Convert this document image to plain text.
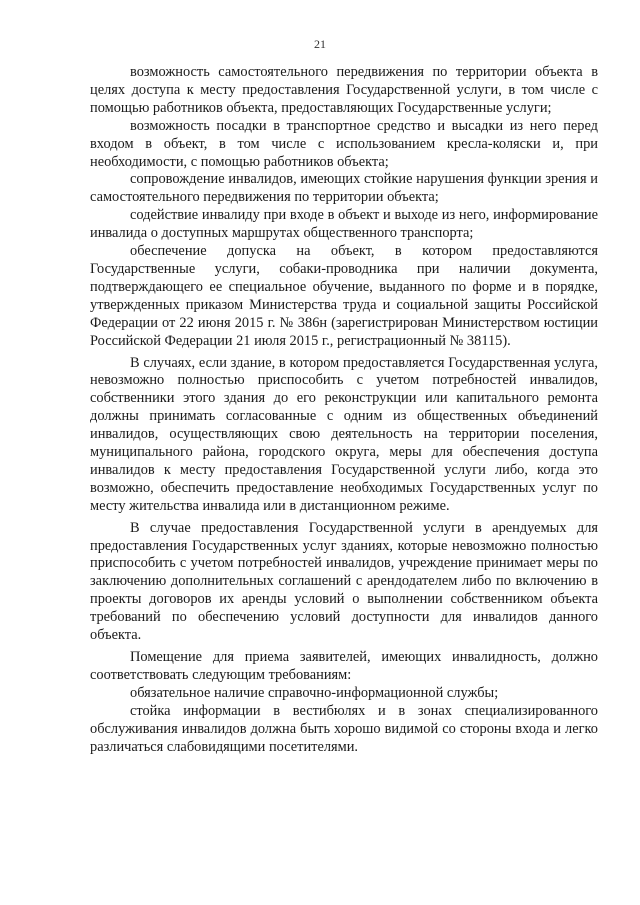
21

возможность самостоятельного передвижения по территории объекта в целях доступа к месту предоставления Государственной услуги, в том числе с помощью работников объекта, предоставляющих Государственные услуги;

возможность посадки в транспортное средство и высадки из него перед входом в объект, в том числе с использованием кресла-коляски и, при необходимости, с помощью работников объекта;

сопровождение инвалидов, имеющих стойкие нарушения функции зрения и самостоятельного передвижения по территории объекта;

содействие инвалиду при входе в объект и выходе из него, информирование инвалида о доступных маршрутах общественного транспорта;

обеспечение допуска на объект, в котором предоставляются Государственные услуги, собаки-проводника при наличии документа, подтверждающего ее специальное обучение, выданного по форме и в порядке, утвержденных приказом Министерства труда и социальной защиты Российской Федерации от 22 июня 2015 г. № 386н (зарегистрирован Министерством юстиции Российской Федерации 21 июля 2015 г., регистрационный № 38115).

В случаях, если здание, в котором предоставляется Государственная услуга, невозможно полностью приспособить с учетом потребностей инвалидов, собственники этого здания до его реконструкции или капитального ремонта должны принимать согласованные с одним из общественных объединений инвалидов, осуществляющих свою деятельность на территории поселения, муниципального района, городского округа, меры для обеспечения доступа инвалидов к месту предоставления Государственной услуги либо, когда это возможно, обеспечить предоставление необходимых Государственных услуг по месту жительства инвалида или в дистанционном режиме.

В случае предоставления Государственной услуги в арендуемых для предоставления Государственных услуг зданиях, которые невозможно полностью приспособить с учетом потребностей инвалидов, учреждение принимает меры по заключению дополнительных соглашений с арендодателем либо по включению в проекты договоров их аренды условий о выполнении собственником объекта требований по обеспечению условий доступности для инвалидов данного объекта.

Помещение для приема заявителей, имеющих инвалидность, должно соответствовать следующим требованиям:

обязательное наличие справочно-информационной службы;

стойка информации в вестибюлях и в зонах специализированного обслуживания инвалидов должна быть хорошо видимой со стороны входа и легко различаться слабовидящими посетителями.
